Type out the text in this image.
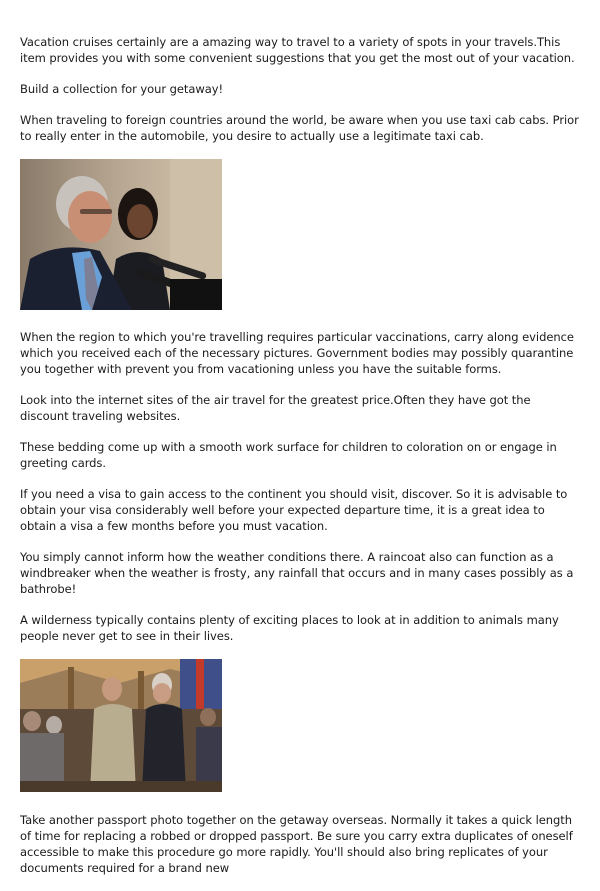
Vacation cruises certainly are a amazing way to travel to a variety of spots in your travels.This item provides you with some convenient suggestions that you get the most out of your vacation.

Build a collection for your getaway!

When traveling to foreign countries around the world, be aware when you use taxi cab cabs. Prior to really enter in the automobile, you desire to actually use a legitimate taxi cab.

When the region to which you're travelling requires particular vaccinations, carry along evidence which you received each of the necessary pictures. Government bodies may possibly quarantine you together with prevent you from vacationing unless you have the suitable forms.

Look into the internet sites of the air travel for the greatest price.Often they have got the discount traveling websites.

These bedding come up with a smooth work surface for children to coloration on or engage in greeting cards.

If you need a visa to gain access to the continent you should visit, discover. So it is advisable to obtain your visa considerably well before your expected departure time, it is a great idea to obtain a visa a few months before you must vacation.

You simply cannot inform how the weather conditions there. A raincoat also can function as a windbreaker when the weather is frosty, any rainfall that occurs and in many cases possibly as a bathrobe!

A wilderness typically contains plenty of exciting places to look at in addition to animals many people never get to see in their lives.

Take another passport photo together on the getaway overseas. Normally it takes a quick length of time for replacing a robbed or dropped passport. Be sure you carry extra duplicates of oneself accessible to make this procedure go more rapidly. You'll should also bring replicates of your documents required for a brand new
